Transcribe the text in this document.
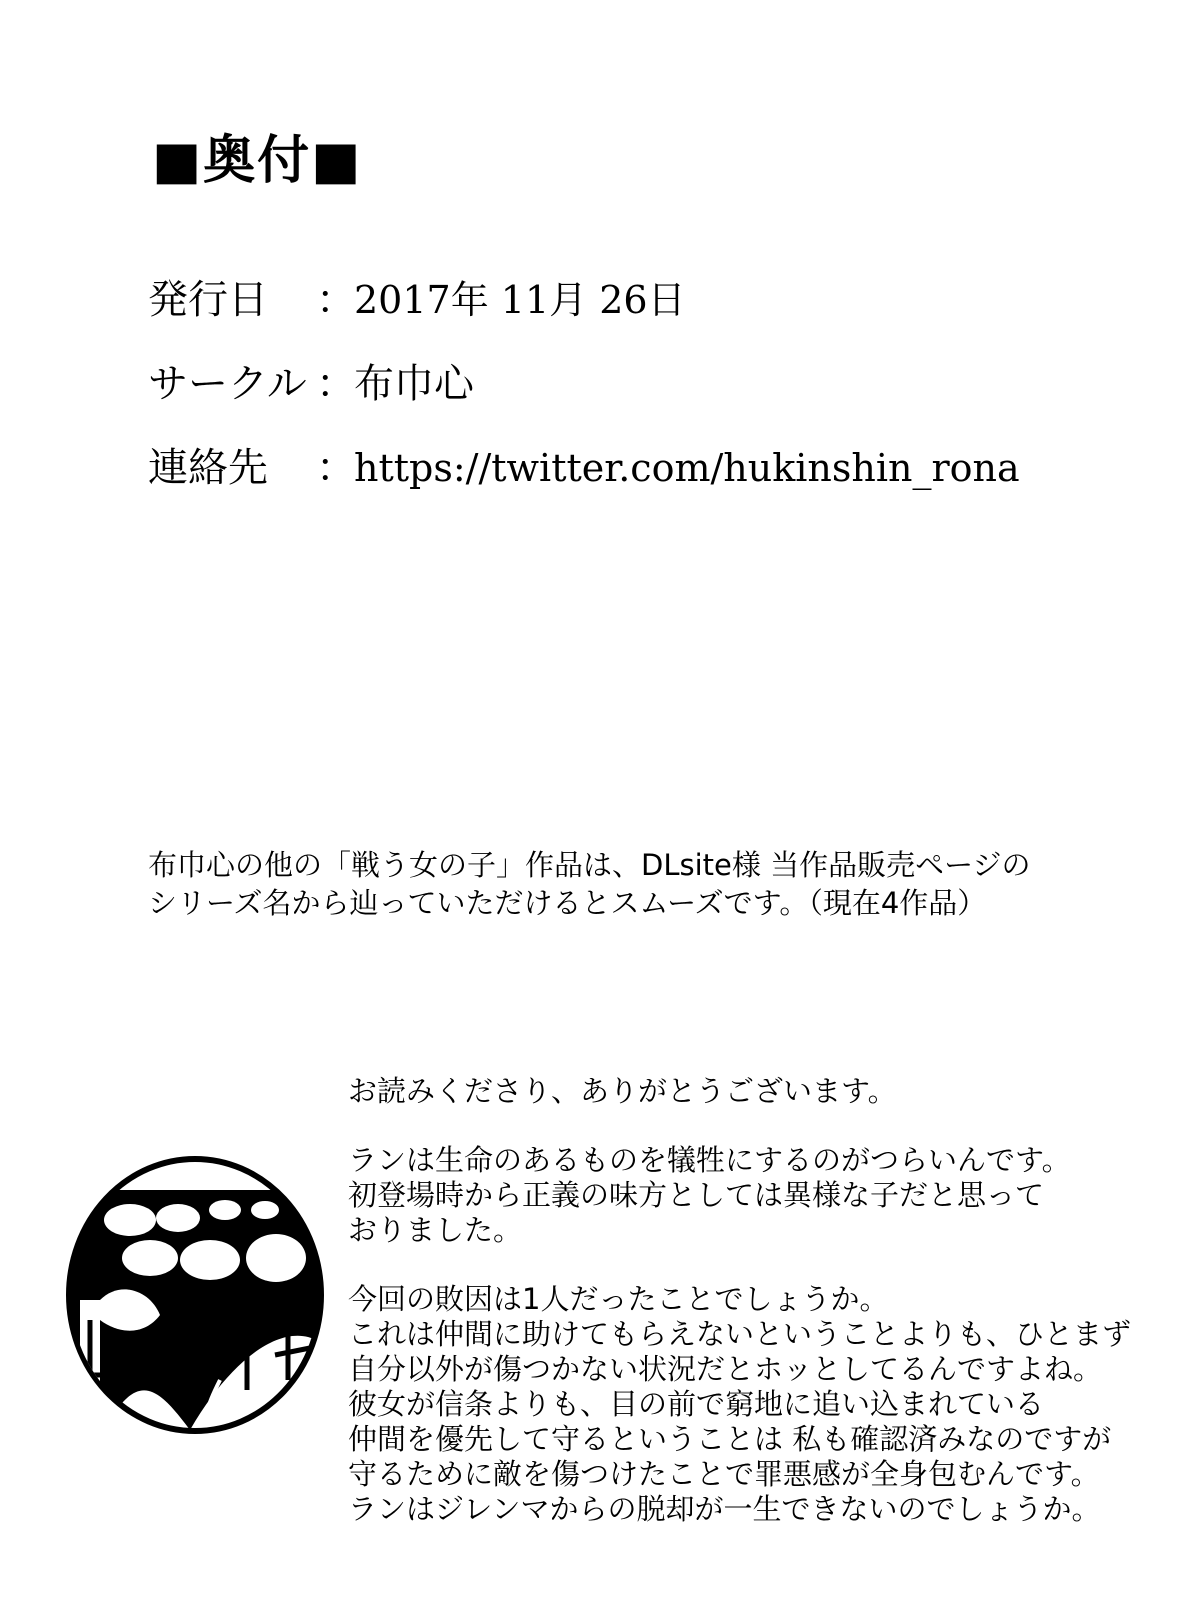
■奥付■
発行日 ：
2017年 11月 26日
サークル ：
布巾心
連絡先 ：
https://twitter.com/hukinshin_rona
布巾心の他の「戦う女の子」作品は、DLsite様 当作品販売ページの
シリーズ名から辿っていただけるとスムーズです。（現在4作品）

お読みくださり、ありがとうございます。

ランは生命のあるものを犠牲にするのがつらいんです。
初登場時から正義の味方としては異様な子だと思って
おりました。

今回の敗因は1人だったことでしょうか。
これは仲間に助けてもらえないということよりも、ひとまず
自分以外が傷つかない状況だとホッとしてるんですよね。
彼女が信条よりも、目の前で窮地に追い込まれている
仲間を優先して守るということは 私も確認済みなのですが
守るために敵を傷つけたことで罪悪感が全身包むんです。
ランはジレンマからの脱却が一生できないのでしょうか。
